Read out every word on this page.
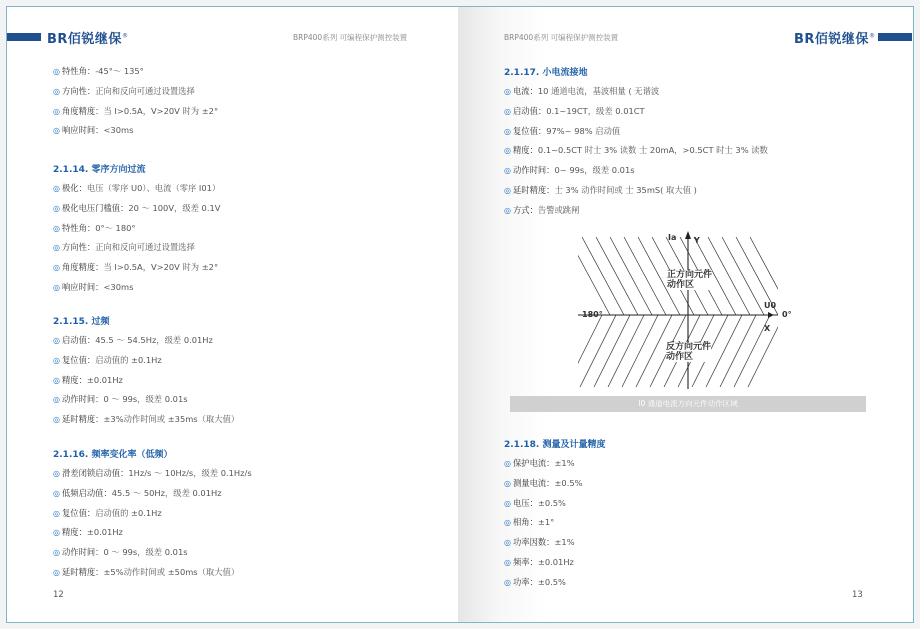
BR佰锐继保®	BRP400系列 可编程保护测控装置
◎ 特性角：-45°～ 135°
◎ 方向性：正向和反向可通过设置选择
◎ 角度精度：当 I>0.5A，V>20V 时为 ±2°
◎ 响应时间：<30ms
2.1.14. 零序方向过流
◎ 极化：电压（零序 U0）、电流（零序 I01）
◎ 极化电压门槛值：20 ～ 100V，级差 0.1V
◎ 特性角：0°～ 180°
◎ 方向性：正向和反向可通过设置选择
◎ 角度精度：当 I>0.5A，V>20V 时为 ±2°
◎ 响应时间：<30ms
2.1.15. 过频
◎ 启动值：45.5 ～ 54.5Hz，级差 0.01Hz
◎ 复位值：启动值的 ±0.1Hz
◎ 精度：±0.01Hz
◎ 动作时间：0 ～ 99s，级差 0.01s
◎ 延时精度：±3%动作时间或 ±35ms（取大值）
2.1.16. 频率变化率（低频）
◎ 滑差闭锁启动值：1Hz/s ～ 10Hz/s，级差 0.1Hz/s
◎ 低频启动值：45.5 ～ 50Hz，级差 0.01Hz
◎ 复位值：启动值的 ±0.1Hz
◎ 精度：±0.01Hz
◎ 动作时间：0 ～ 99s，级差 0.01s
◎ 延时精度：±5%动作时间或 ±50ms（取大值）
12
BRP400系列 可编程保护测控装置	BR佰锐继保®
2.1.17. 小电流接地
◎ 电流：10 通道电流，基波相量 ( 无谐波
◎ 启动值：0.1~19CT，级差 0.01CT
◎ 复位值：97%~ 98% 启动值
◎ 精度：0.1~0.5CT 时士 3% 读数 士 20mA，>0.5CT 时士 3% 读数
◎ 动作时间：0~ 99s，级差 0.01s
◎ 延时精度：士 3% 动作时间或 士 35mS( 取大值 )
◎ 方式：告警或跳闸
2.1.18. 测量及计量精度
◎ 保护电流：±1%
◎ 测量电流：±0.5%
◎ 电压：±0.5%
◎ 相角：±1°
◎ 功率因数：±1%
◎ 频率：±0.01Hz
◎ 功率：±0.5%
Ia Y
正方向元件
动作区
反方向元件
动作区
180°
U0
0°
X
I0 通道电流方向元件动作区域
13
